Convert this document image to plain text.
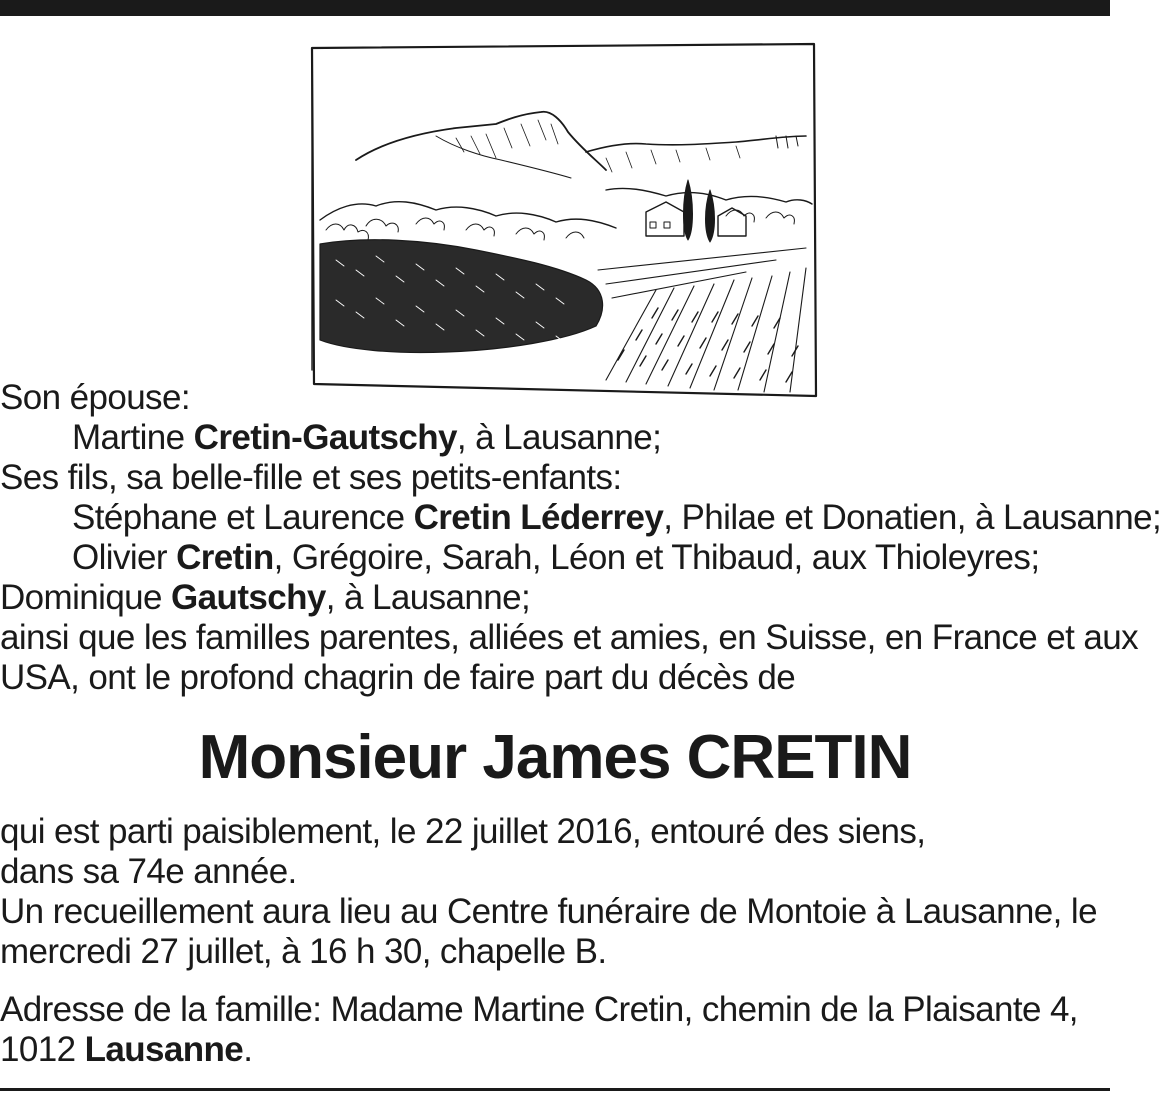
Son épouse:
Martine Cretin-Gautschy, à Lausanne;
Ses fils, sa belle-fille et ses petits-enfants:
Stéphane et Laurence Cretin Léderrey, Philae et Donatien, à Lausanne;
Olivier Cretin, Grégoire, Sarah, Léon et Thibaud, aux Thioleyres;
Dominique Gautschy, à Lausanne;
ainsi que les familles parentes, alliées et amies, en Suisse, en France et aux
USA, ont le profond chagrin de faire part du décès de
Monsieur James CRETIN
qui est parti paisiblement, le 22 juillet 2016, entouré des siens,
dans sa 74e année.
Un recueillement aura lieu au Centre funéraire de Montoie à Lausanne, le
mercredi 27 juillet, à 16 h 30, chapelle B.
Adresse de la famille: Madame Martine Cretin, chemin de la Plaisante 4,
1012 Lausanne.
